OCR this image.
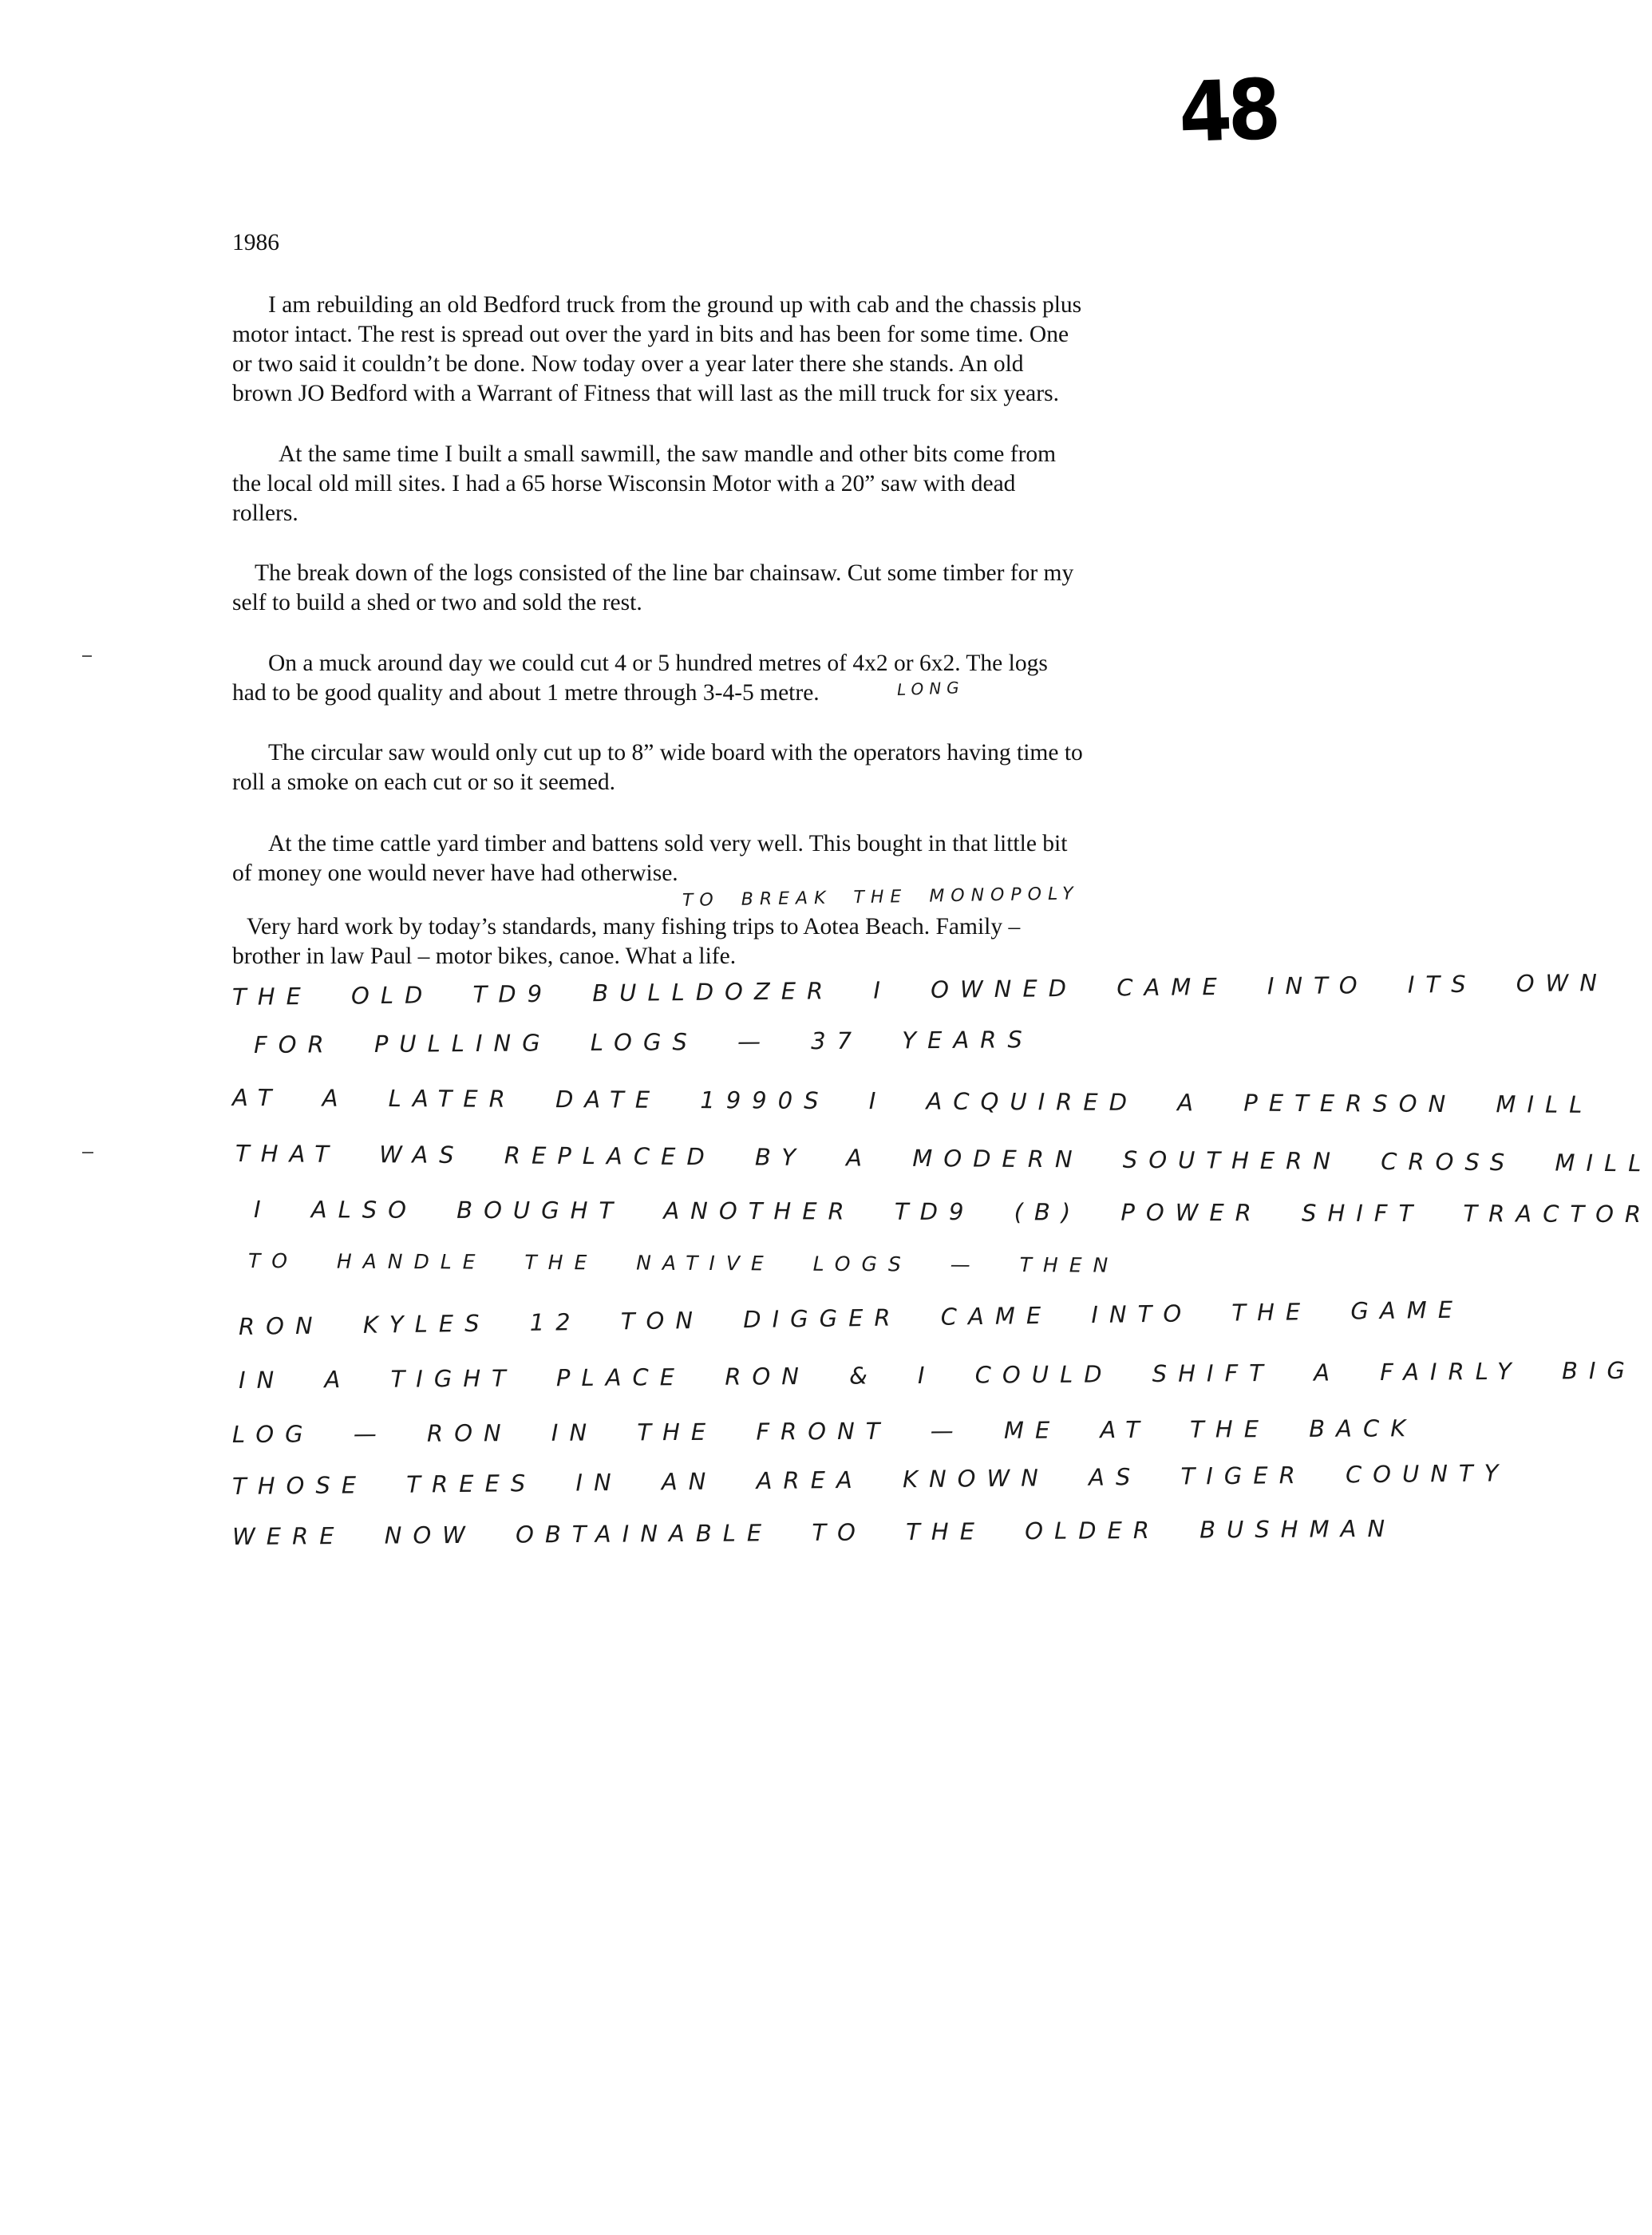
48

1986

I am rebuilding an old Bedford truck from the ground up with cab and the chassis plus
motor intact. The rest is spread out over the yard in bits and has been for some time. One
or two said it couldn’t be done. Now today over a year later there she stands. An old
brown JO Bedford with a Warrant of Fitness that will last as the mill truck for six years.

At the same time I built a small sawmill, the saw mandle and other bits come from
the local old mill sites. I had a 65 horse Wisconsin Motor with a 20” saw with dead
rollers.

The break down of the logs consisted of the line bar chainsaw. Cut some timber for my
self to build a shed or two and sold the rest.

On a muck around day we could cut 4 or 5 hundred metres of 4x2 or 6x2. The logs
had to be good quality and about 1 metre through 3-4-5 metre.	LONG

The circular saw would only cut up to 8” wide board with the operators having time to
roll a smoke on each cut or so it seemed.

At the time cattle yard timber and battens sold very well. This bought in that little bit
of money one would never have had otherwise.

TO BREAK THE MONOPOLY

Very hard work by today’s standards, many fishing trips to Aotea Beach. Family –
brother in law Paul – motor bikes, canoe. What a life.

THE OLD TD9 BULLDOZER I OWNED CAME INTO ITS OWN
FOR PULLING LOGS — 37 YEARS
AT A LATER DATE 1990S I ACQUIRED A PETERSON MILL
THAT WAS REPLACED BY A MODERN SOUTHERN CROSS MILL
I ALSO BOUGHT ANOTHER TD9 (B) POWER SHIFT TRACTOR
TO HANDLE THE NATIVE LOGS — THEN
RON KYLES 12 TON DIGGER CAME INTO THE GAME
IN A TIGHT PLACE RON & I COULD SHIFT A FAIRLY BIG
LOG — RON IN THE FRONT — ME AT THE BACK
THOSE TREES IN AN AREA KNOWN AS TIGER COUNTY
WERE NOW OBTAINABLE TO THE OLDER BUSHMAN
